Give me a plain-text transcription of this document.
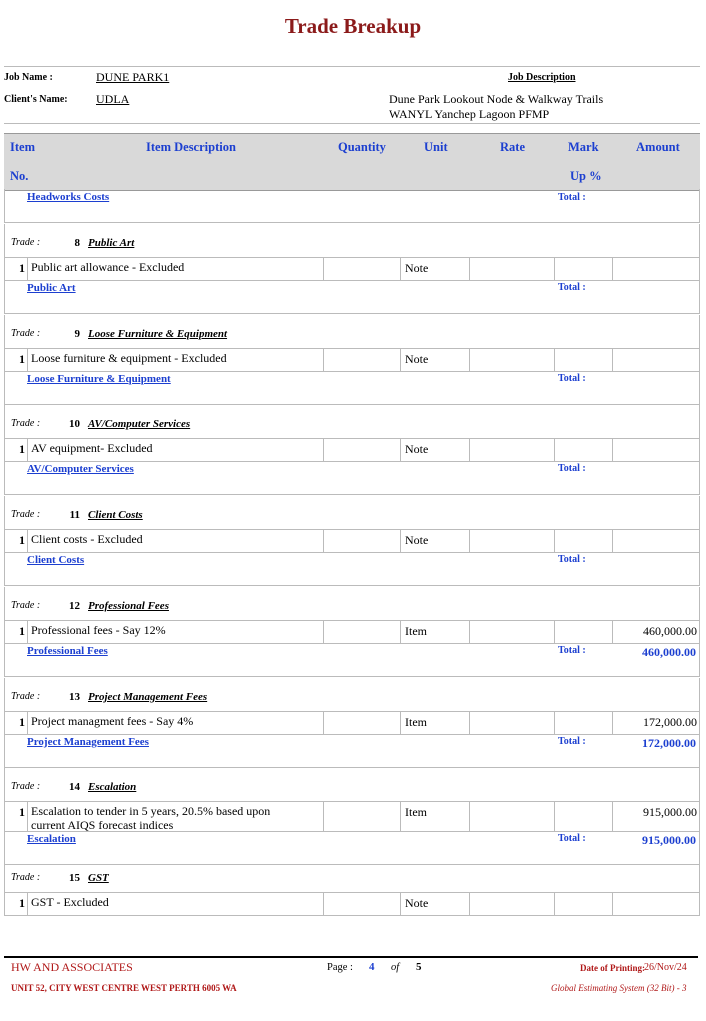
Trade Breakup
Job Name :	DUNE PARK1
Client's Name: UDLA
Job Description
Dune Park Lookout Node & Walkway Trails
WANYL Yanchep Lagoon PFMP
Item
No.
Item Description	Quantity	Unit	Rate	Mark
Up %
Amount
Headworks Costs	Total :
Trade :	8 Public Art
1 Public art allowance - Excluded	Note
Public Art	Total :
Trade :	9 Loose Furniture & Equipment
1 Loose furniture & equipment - Excluded	Note
Loose Furniture & Equipment	Total :
Trade :	10 AV/Computer Services
1 AV equipment- Excluded	Note
AV/Computer Services	Total :
Trade :	11 Client Costs
1 Client costs - Excluded	Note
Client Costs	Total :
Trade :	12 Professional Fees
1 Professional fees - Say 12%	Item	460,000.00
Professional Fees	Total :	460,000.00
Trade :	13 Project Management Fees
1 Project managment fees - Say 4%	Item	172,000.00
Project Management Fees	Total :	172,000.00
Trade :	14 Escalation
1 Escalation to tender in 5 years, 20.5% based upon
current AIQS forecast indices
Item	915,000.00
Escalation	Total :	915,000.00
Trade :	15 GST
1 GST - Excluded	Note
HW AND ASSOCIATES
UNIT 52, CITY WEST CENTRE WEST PERTH 6005 WA
Page : 4 of 5	Date of Printing: 26/Nov/24
Global Estimating System (32 Bit) - 3
